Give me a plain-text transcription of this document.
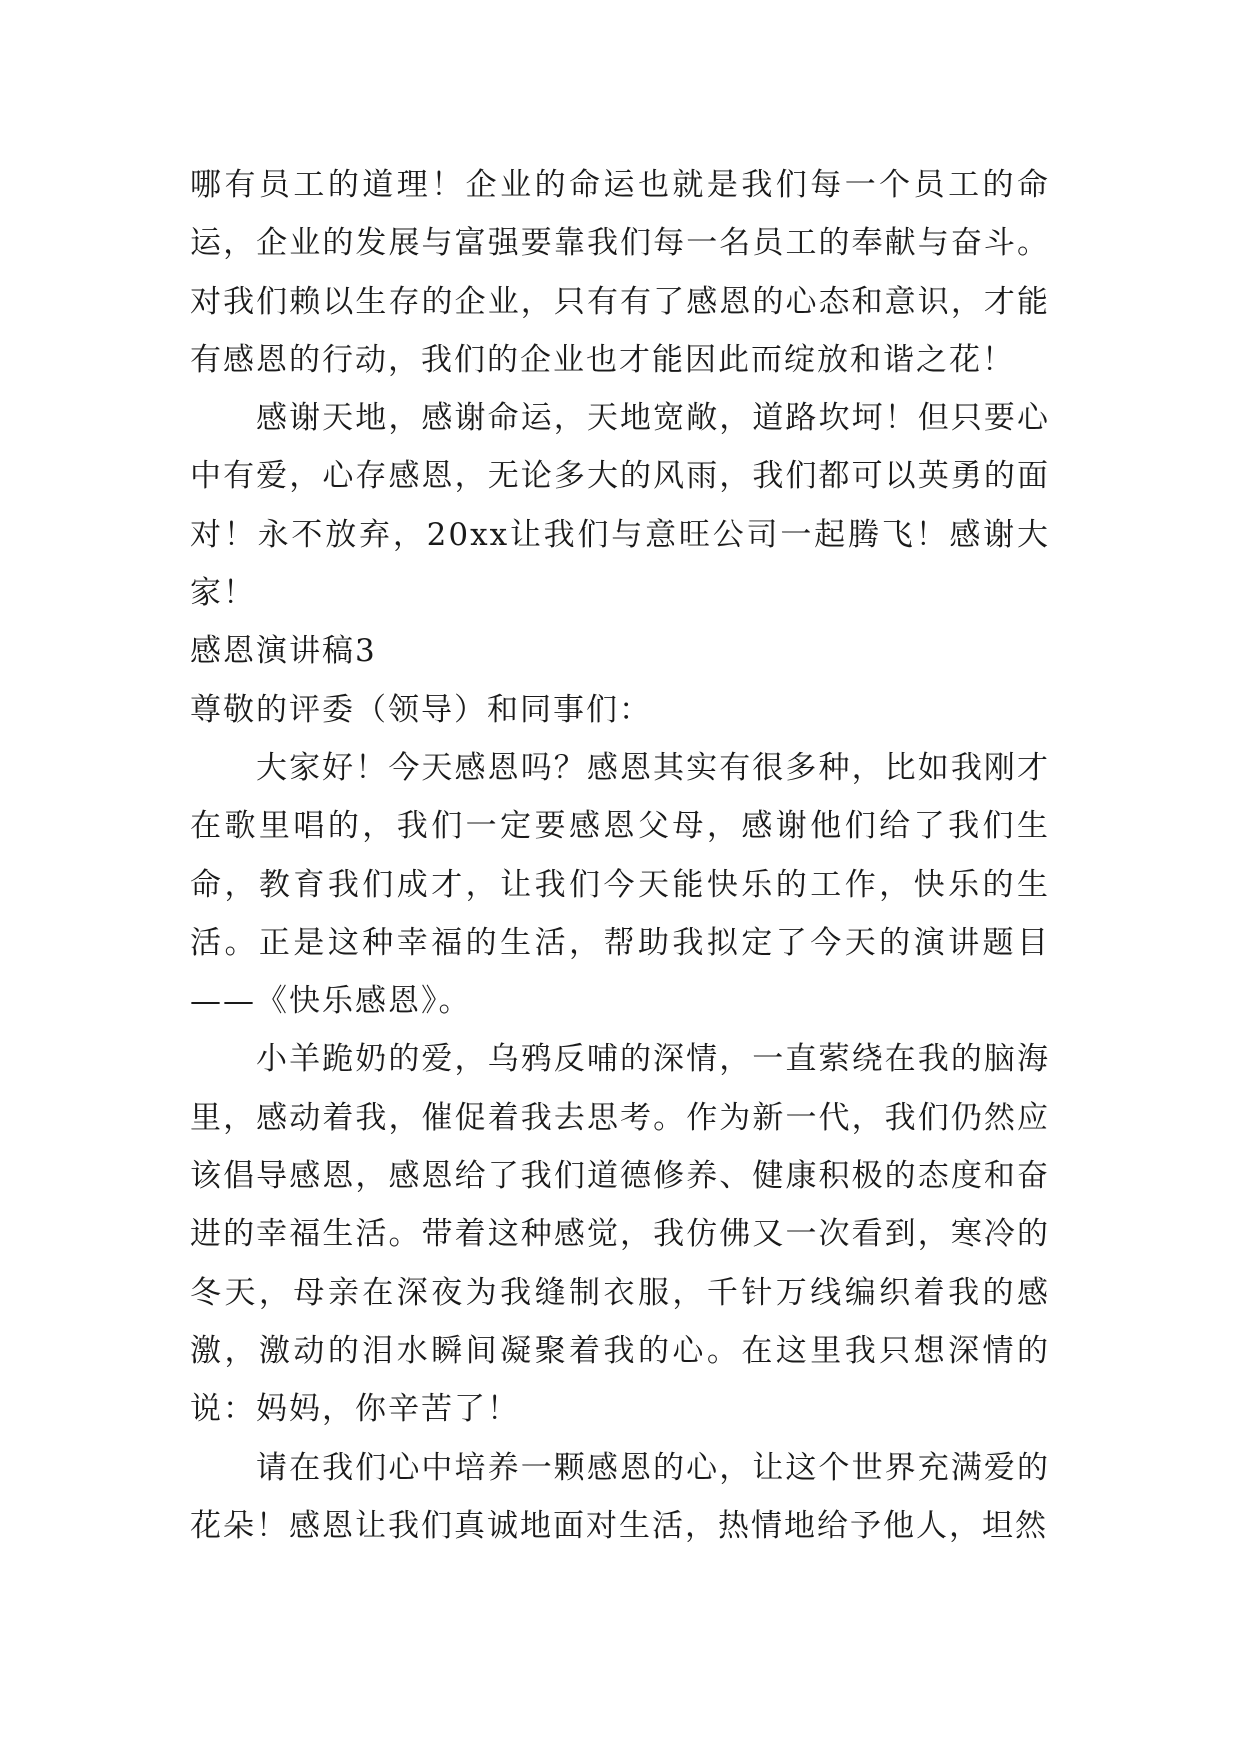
哪有员工的道理！企业的命运也就是我们每一个员工的命运，企业的发展与富强要靠我们每一名员工的奉献与奋斗。对我们赖以生存的企业，只有有了感恩的心态和意识，才能有感恩的行动，我们的企业也才能因此而绽放和谐之花！

感谢天地，感谢命运，天地宽敞，道路坎坷！但只要心中有爱，心存感恩，无论多大的风雨，我们都可以英勇的面对！永不放弃，20xx让我们与意旺公司一起腾飞！感谢大家！

感恩演讲稿3

尊敬的评委（领导）和同事们：

大家好！今天感恩吗？感恩其实有很多种，比如我刚才在歌里唱的，我们一定要感恩父母，感谢他们给了我们生命，教育我们成才，让我们今天能快乐的工作，快乐的生活。正是这种幸福的生活，帮助我拟定了今天的演讲题目——《快乐感恩》。

小羊跪奶的爱，乌鸦反哺的深情，一直萦绕在我的脑海里，感动着我，催促着我去思考。作为新一代，我们仍然应该倡导感恩，感恩给了我们道德修养、健康积极的态度和奋进的幸福生活。带着这种感觉，我仿佛又一次看到，寒冷的冬天，母亲在深夜为我缝制衣服，千针万线编织着我的感激，激动的泪水瞬间凝聚着我的心。在这里我只想深情的说：妈妈，你辛苦了！

请在我们心中培养一颗感恩的心，让这个世界充满爱的花朵！感恩让我们真诚地面对生活，热情地给予他人，坦然
